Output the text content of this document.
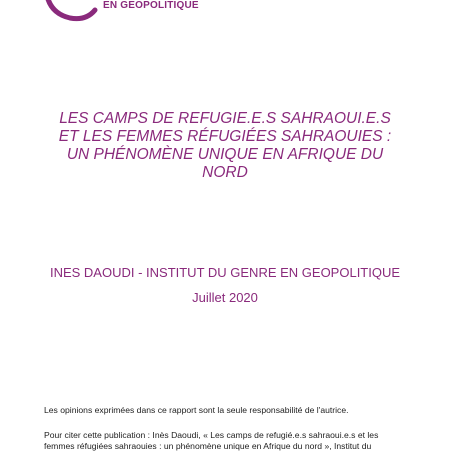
EN GEOPOLITIQUE
LES CAMPS DE REFUGIE.E.S SAHRAOUI.E.S
ET LES FEMMES RÉFUGIÉES SAHRAOUIES :
UN PHÉNOMÈNE UNIQUE EN AFRIQUE DU
NORD
INES DAOUDI - INSTITUT DU GENRE EN GEOPOLITIQUE
Juillet 2020
Les opinions exprimées dans ce rapport sont la seule responsabilité de l'autrice.
Pour citer cette publication : Inès Daoudi, « Les camps de refugié.e.s sahraoui.e.s et les
femmes réfugiées sahraouies : un phénomène unique en Afrique du nord », Institut du
